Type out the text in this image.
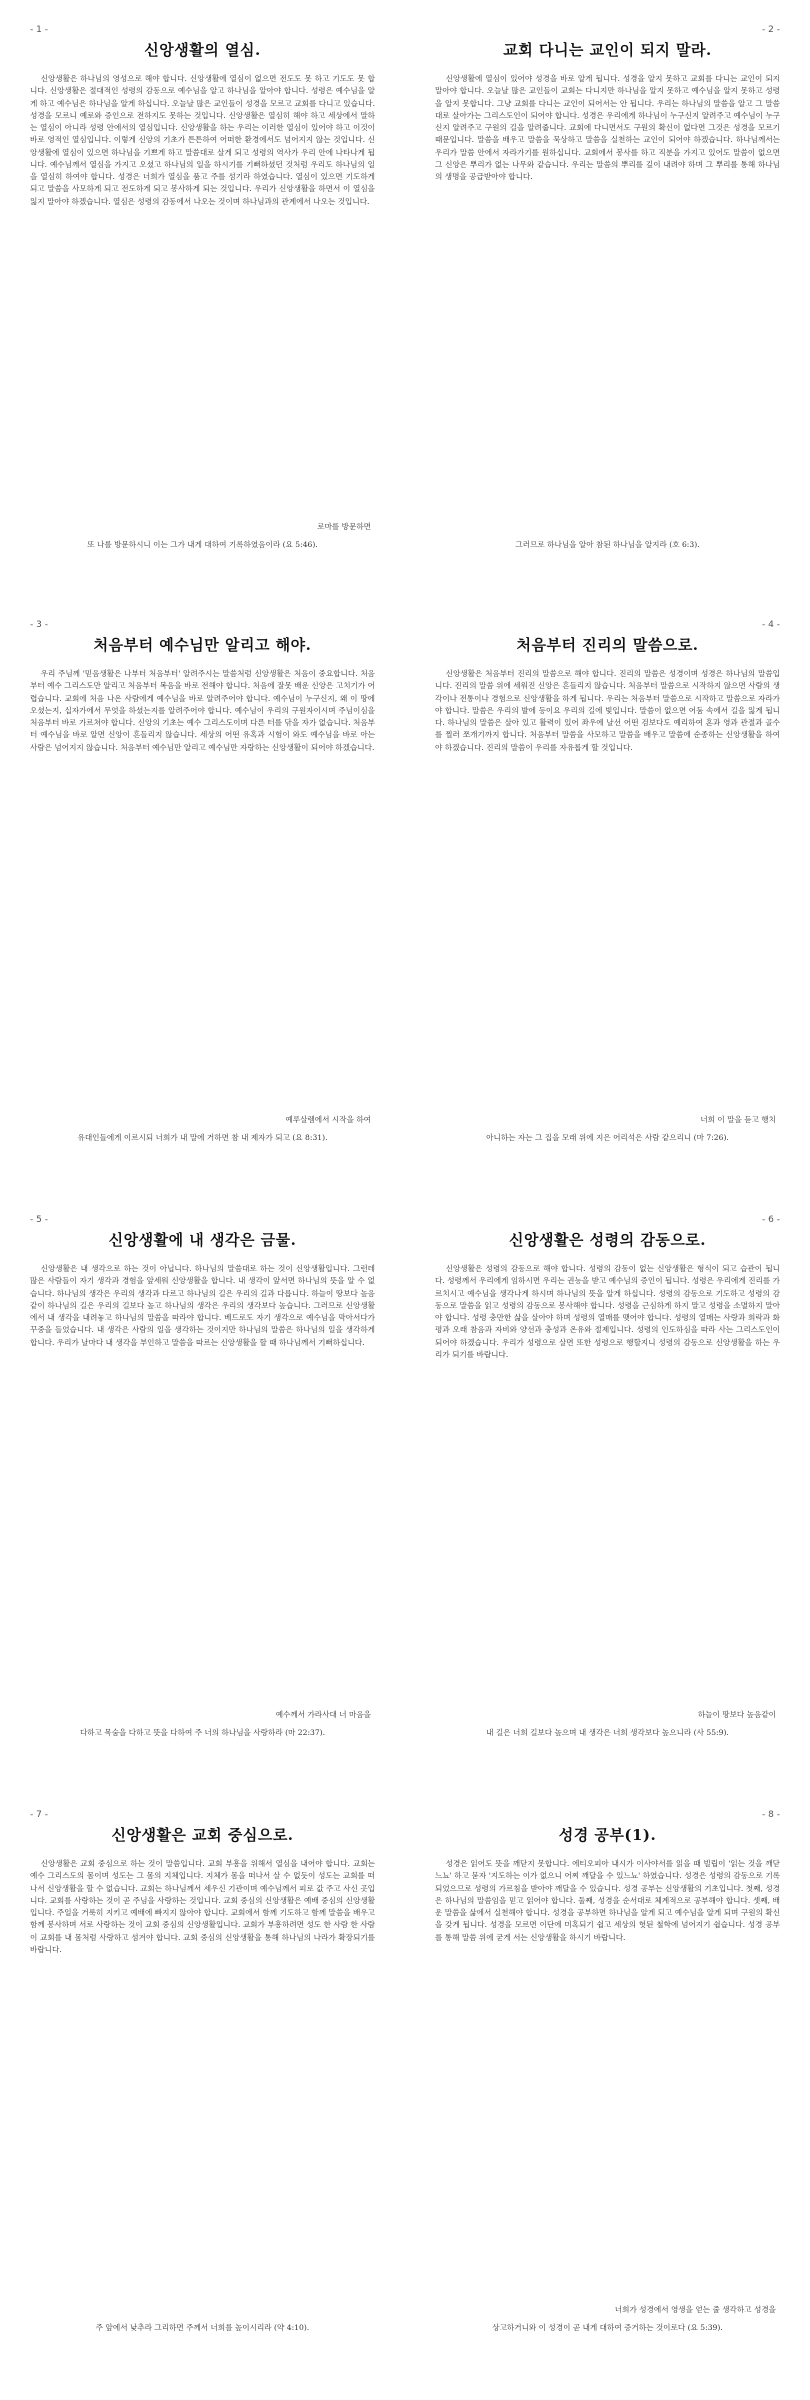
- 1 -
신앙생활의 열심.
신앙생활은 하나님의 영성으로 해야 합니다. 신앙생활에 열심이 없으면 전도도 못 하고 기도도 못 합니다. 신앙생활은 절대적인 성령의 감동으로 예수님을 알고 하나님을 알아야 합니다. 성령은 예수님을 알게 하고 예수님은 하나님을 알게 하십니다. 오늘날 많은 교인들이 성경을 모르고 교회를 다니고 있습니다. 성경을 모르니 예로와 증인으로 전하지도 못하는 것입니다. 신앙생활은 열심히 해야 하고 세상에서 말하는 열심이 아니라 성령 안에서의 열심입니다. 신앙생활을 하는 우리는 이러한 열심이 있어야 하고 이것이 바로 영적인 열심입니다. 이렇게 신앙의 기초가 튼튼하여 어떠한 환경에서도 넘어지지 않는 것입니다. 신앙생활에 열심이 있으면 하나님을 기쁘게 하고 말씀대로 살게 되고 성령의 역사가 우리 안에 나타나게 됩니다. 예수님께서 열심을 가지고 오셨고 하나님의 일을 하시기를 기뻐하셨던 것처럼 우리도 하나님의 일을 열심히 하여야 합니다. 성경은 너희가 열심을 품고 주를 섬기라 하였습니다. 열심이 있으면 기도하게 되고 말씀을 사모하게 되고 전도하게 되고 봉사하게 되는 것입니다. 우리가 신앙생활을 하면서 이 열심을 잃지 말아야 하겠습니다. 열심은 성령의 감동에서 나오는 것이며 하나님과의 관계에서 나오는 것입니다.
로마를 방문하면
또 나를 방문하시니 이는 그가 내게 대하여 기록하였음이라 (요 5:46).
- 2 -
교회 다니는 교인이 되지 말라.
신앙생활에 열심이 있어야 성경을 바로 알게 됩니다. 성경을 알지 못하고 교회를 다니는 교인이 되지 말아야 합니다. 오늘날 많은 교인들이 교회는 다니지만 하나님을 알지 못하고 예수님을 알지 못하고 성령을 알지 못합니다. 그냥 교회를 다니는 교인이 되어서는 안 됩니다. 우리는 하나님의 말씀을 알고 그 말씀대로 살아가는 그리스도인이 되어야 합니다. 성경은 우리에게 하나님이 누구신지 알려주고 예수님이 누구신지 알려주고 구원의 길을 알려줍니다. 교회에 다니면서도 구원의 확신이 없다면 그것은 성경을 모르기 때문입니다. 말씀을 배우고 말씀을 묵상하고 말씀을 실천하는 교인이 되어야 하겠습니다. 하나님께서는 우리가 말씀 안에서 자라가기를 원하십니다. 교회에서 봉사를 하고 직분을 가지고 있어도 말씀이 없으면 그 신앙은 뿌리가 없는 나무와 같습니다. 우리는 말씀의 뿌리를 깊이 내려야 하며 그 뿌리를 통해 하나님의 생명을 공급받아야 합니다.
그러므로 하나님을 알아 참된 하나님을 알지라 (호 6:3).
- 3 -
처음부터 예수님만 알리고 해야.
우리 주님께 '믿음생활은 나부터 처음부터' 알려주시는 말씀처럼 신앙생활은 처음이 중요합니다. 처음부터 예수 그리스도만 알리고 처음부터 복음을 바로 전해야 합니다. 처음에 잘못 배운 신앙은 고치기가 어렵습니다. 교회에 처음 나온 사람에게 예수님을 바로 알려주어야 합니다. 예수님이 누구신지, 왜 이 땅에 오셨는지, 십자가에서 무엇을 하셨는지를 알려주어야 합니다. 예수님이 우리의 구원자이시며 주님이심을 처음부터 바로 가르쳐야 합니다. 신앙의 기초는 예수 그리스도이며 다른 터를 닦을 자가 없습니다. 처음부터 예수님을 바로 알면 신앙이 흔들리지 않습니다. 세상의 어떤 유혹과 시험이 와도 예수님을 바로 아는 사람은 넘어지지 않습니다. 처음부터 예수님만 알리고 예수님만 자랑하는 신앙생활이 되어야 하겠습니다.
예루살렘에서 시작을 하여
유대인들에게 이르시되 너희가 내 말에 거하면 참 내 제자가 되고 (요 8:31).
- 4 -
처음부터 진리의 말씀으로.
신앙생활은 처음부터 진리의 말씀으로 해야 합니다. 진리의 말씀은 성경이며 성경은 하나님의 말씀입니다. 진리의 말씀 위에 세워진 신앙은 흔들리지 않습니다. 처음부터 말씀으로 시작하지 않으면 사람의 생각이나 전통이나 경험으로 신앙생활을 하게 됩니다. 우리는 처음부터 말씀으로 시작하고 말씀으로 자라가야 합니다. 말씀은 우리의 발에 등이요 우리의 길에 빛입니다. 말씀이 없으면 어둠 속에서 길을 잃게 됩니다. 하나님의 말씀은 살아 있고 활력이 있어 좌우에 날선 어떤 검보다도 예리하여 혼과 영과 관절과 골수를 찔러 쪼개기까지 합니다. 처음부터 말씀을 사모하고 말씀을 배우고 말씀에 순종하는 신앙생활을 하여야 하겠습니다. 진리의 말씀이 우리를 자유롭게 할 것입니다.
너희 이 말을 듣고 행치
아니하는 자는 그 집을 모래 위에 지은 어리석은 사람 같으리니 (마 7:26).
- 5 -
신앙생활에 내 생각은 금물.
신앙생활은 내 생각으로 하는 것이 아닙니다. 하나님의 말씀대로 하는 것이 신앙생활입니다. 그런데 많은 사람들이 자기 생각과 경험을 앞세워 신앙생활을 합니다. 내 생각이 앞서면 하나님의 뜻을 알 수 없습니다. 하나님의 생각은 우리의 생각과 다르고 하나님의 길은 우리의 길과 다릅니다. 하늘이 땅보다 높음 같이 하나님의 길은 우리의 길보다 높고 하나님의 생각은 우리의 생각보다 높습니다. 그러므로 신앙생활에서 내 생각을 내려놓고 하나님의 말씀을 따라야 합니다. 베드로도 자기 생각으로 예수님을 막아서다가 꾸중을 들었습니다. 내 생각은 사람의 일을 생각하는 것이지만 하나님의 말씀은 하나님의 일을 생각하게 합니다. 우리가 날마다 내 생각을 부인하고 말씀을 따르는 신앙생활을 할 때 하나님께서 기뻐하십니다.
예수께서 가라사대 너 마음을
다하고 목숨을 다하고 뜻을 다하여 주 너의 하나님을 사랑하라 (마 22:37).
- 6 -
신앙생활은 성령의 감동으로.
신앙생활은 성령의 감동으로 해야 합니다. 성령의 감동이 없는 신앙생활은 형식이 되고 습관이 됩니다. 성령께서 우리에게 임하시면 우리는 권능을 받고 예수님의 증인이 됩니다. 성령은 우리에게 진리를 가르치시고 예수님을 생각나게 하시며 하나님의 뜻을 알게 하십니다. 성령의 감동으로 기도하고 성령의 감동으로 말씀을 읽고 성령의 감동으로 봉사해야 합니다. 성령을 근심하게 하지 말고 성령을 소멸하지 말아야 합니다. 성령 충만한 삶을 살아야 하며 성령의 열매를 맺어야 합니다. 성령의 열매는 사랑과 희락과 화평과 오래 참음과 자비와 양선과 충성과 온유와 절제입니다. 성령의 인도하심을 따라 사는 그리스도인이 되어야 하겠습니다. 우리가 성령으로 살면 또한 성령으로 행할지니 성령의 감동으로 신앙생활을 하는 우리가 되기를 바랍니다.
하늘이 땅보다 높음같이
내 길은 너희 길보다 높으며 내 생각은 너희 생각보다 높으니라 (사 55:9).
- 7 -
신앙생활은 교회 중심으로.
신앙생활은 교회 중심으로 하는 것이 말씀입니다. 교회 부흥을 위해서 열심을 내어야 합니다. 교회는 예수 그리스도의 몸이며 성도는 그 몸의 지체입니다. 지체가 몸을 떠나서 살 수 없듯이 성도는 교회를 떠나서 신앙생활을 할 수 없습니다. 교회는 하나님께서 세우신 기관이며 예수님께서 피로 값 주고 사신 곳입니다. 교회를 사랑하는 것이 곧 주님을 사랑하는 것입니다. 교회 중심의 신앙생활은 예배 중심의 신앙생활입니다. 주일을 거룩히 지키고 예배에 빠지지 않아야 합니다. 교회에서 함께 기도하고 함께 말씀을 배우고 함께 봉사하며 서로 사랑하는 것이 교회 중심의 신앙생활입니다. 교회가 부흥하려면 성도 한 사람 한 사람이 교회를 내 몸처럼 사랑하고 섬겨야 합니다. 교회 중심의 신앙생활을 통해 하나님의 나라가 확장되기를 바랍니다.
주 앞에서 낮추라 그리하면 주께서 너희를 높이시리라 (약 4:10).
- 8 -
성경 공부(1).
성경은 읽어도 뜻을 깨닫지 못합니다. 에티오피아 내시가 이사야서를 읽을 때 빌립이 '읽는 것을 깨닫느뇨' 하고 묻자 '지도하는 이가 없으니 어찌 깨달을 수 있느뇨' 하였습니다. 성경은 성령의 감동으로 기록되었으므로 성령의 가르침을 받아야 깨달을 수 있습니다. 성경 공부는 신앙생활의 기초입니다. 첫째, 성경은 하나님의 말씀임을 믿고 읽어야 합니다. 둘째, 성경을 순서대로 체계적으로 공부해야 합니다. 셋째, 배운 말씀을 삶에서 실천해야 합니다. 성경을 공부하면 하나님을 알게 되고 예수님을 알게 되며 구원의 확신을 갖게 됩니다. 성경을 모르면 이단에 미혹되기 쉽고 세상의 헛된 철학에 넘어지기 쉽습니다. 성경 공부를 통해 말씀 위에 굳게 서는 신앙생활을 하시기 바랍니다.
너희가 성경에서 영생을 얻는 줄 생각하고 성경을
상고하거니와 이 성경이 곧 내게 대하여 증거하는 것이로다 (요 5:39).
